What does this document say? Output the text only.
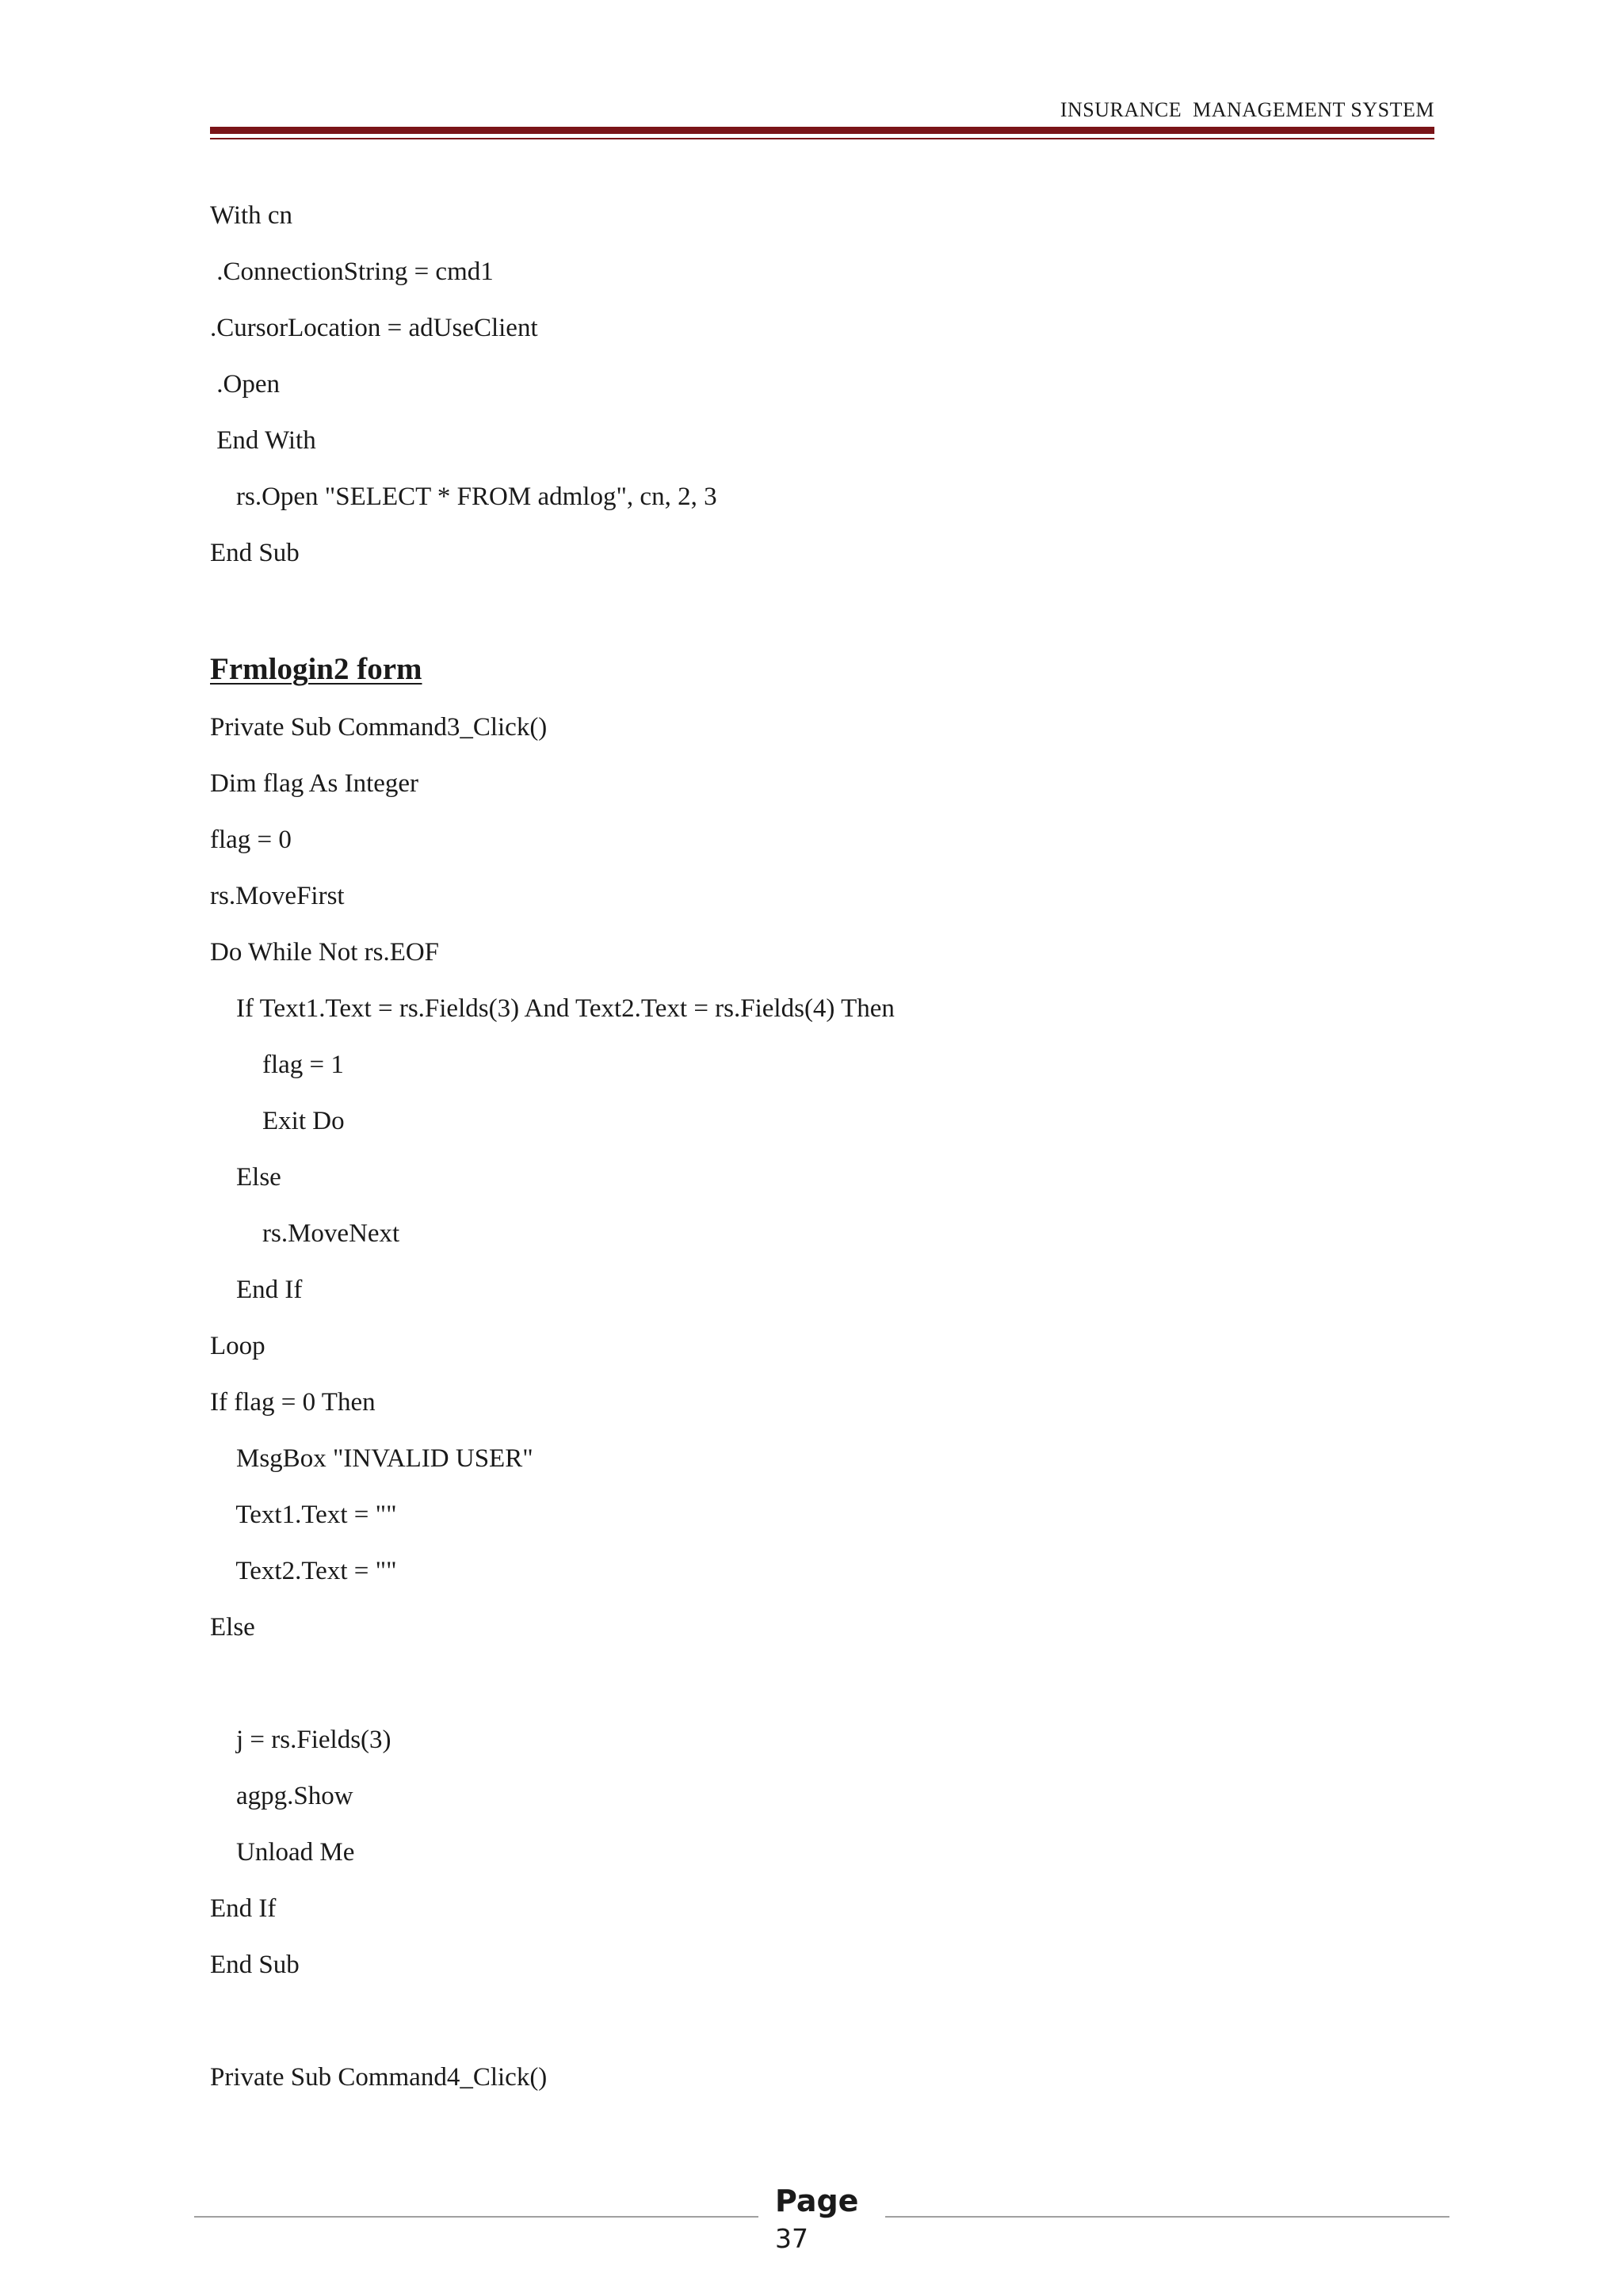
INSURANCE  MANAGEMENT SYSTEM
With cn
.ConnectionString = cmd1
.CursorLocation = adUseClient
.Open
End With
rs.Open "SELECT * FROM admlog", cn, 2, 3
End Sub
Frmlogin2 form
Private Sub Command3_Click()
Dim flag As Integer
flag = 0
rs.MoveFirst
Do While Not rs.EOF
If Text1.Text = rs.Fields(3) And Text2.Text = rs.Fields(4) Then
flag = 1
Exit Do
Else
rs.MoveNext
End If
Loop
If flag = 0 Then
MsgBox "INVALID USER"
Text1.Text = ""
Text2.Text = ""
Else
j = rs.Fields(3)
agpg.Show
Unload Me
End If
End Sub
Private Sub Command4_Click()
Page
37
